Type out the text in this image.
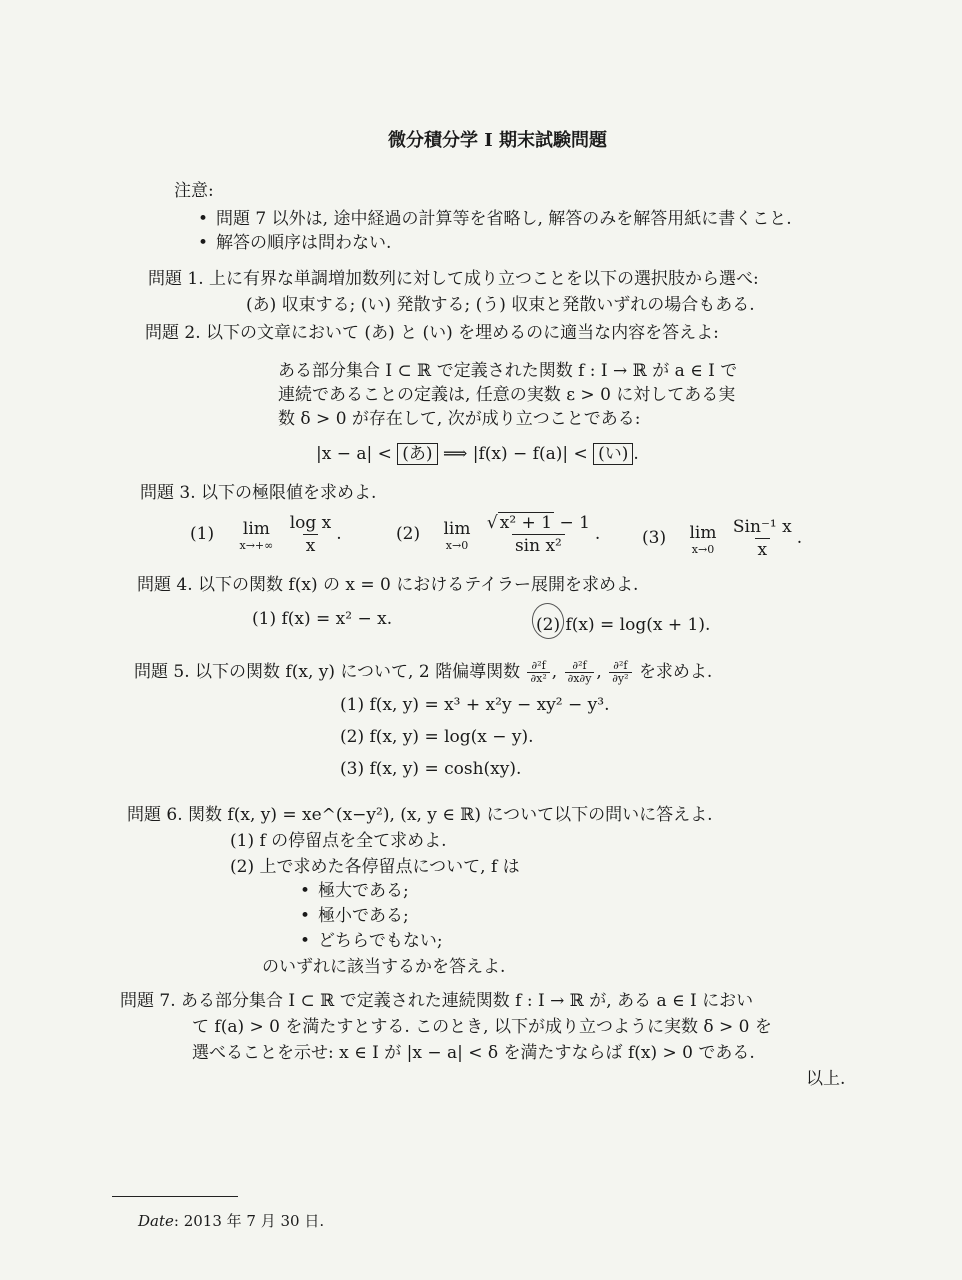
微分積分学 I 期末試験問題
注意:
• 問題 7 以外は, 途中経過の計算等を省略し, 解答のみを解答用紙に書くこと.
• 解答の順序は問わない.
問題 1. 上に有界な単調増加数列に対して成り立つことを以下の選択肢から選べ:
(あ) 収束する; (い) 発散する; (う) 収束と発散いずれの場合もある.
問題 2. 以下の文章において (あ) と (い) を埋めるのに適当な内容を答えよ:
ある部分集合 I ⊂ ℝ で定義された関数 f : I → ℝ が a ∈ I で
連続であることの定義は, 任意の実数 ε > 0 に対してある実
数 δ > 0 が存在して, 次が成り立つことである:
|x − a| < (あ) ⟹ |f(x) − f(a)| < (い) .
問題 3. 以下の極限値を求めよ.
(1) lim
x→+∞
$\frac{\text{log x}}{x}$ .	(2) lim
x→0
$\frac{\text{√ x² + 1 − 1}}{\text{sin x²}}$ . (3) lim
x→0
$\frac{\text{Sin⁻¹ x}}{x}$ .
問題 4. 以下の関数 f(x) の x = 0 におけるテイラー展開を求めよ.
(1) f(x) = x² − x.	(2) f(x) = log(x + 1).
問題 5. 以下の関数 f(x, y) について, 2 階偏導関数 $\frac{\text{∂²f}}{\text{∂x²}}$ , $\frac{\text{∂²f}}{\partial x\partial y}$ , $\frac{\text{∂²f}}{\text{∂y²}}$ を求めよ.
(1) f(x, y) = x³ + x²y − xy² − y³.
(2) f(x, y) = log(x − y).
(3) f(x, y) = cosh(xy).
問題 6. 関数 f(x, y) = xe^(x−y²), (x, y ∈ ℝ) について以下の問いに答えよ.
(1) f の停留点を全て求めよ.
(2) 上で求めた各停留点について, f は
• 極大である;
• 極小である;
• どちらでもない;
のいずれに該当するかを答えよ.
問題 7. ある部分集合 I ⊂ ℝ で定義された連続関数 f : I → ℝ が, ある a ∈ I におい
て f(a) > 0 を満たすとする. このとき, 以下が成り立つように実数 δ > 0 を
選べることを示せ: x ∈ I が |x − a| < δ を満たすならば f(x) > 0 である.
以上.
Date: 2013 年 7 月 30 日.
